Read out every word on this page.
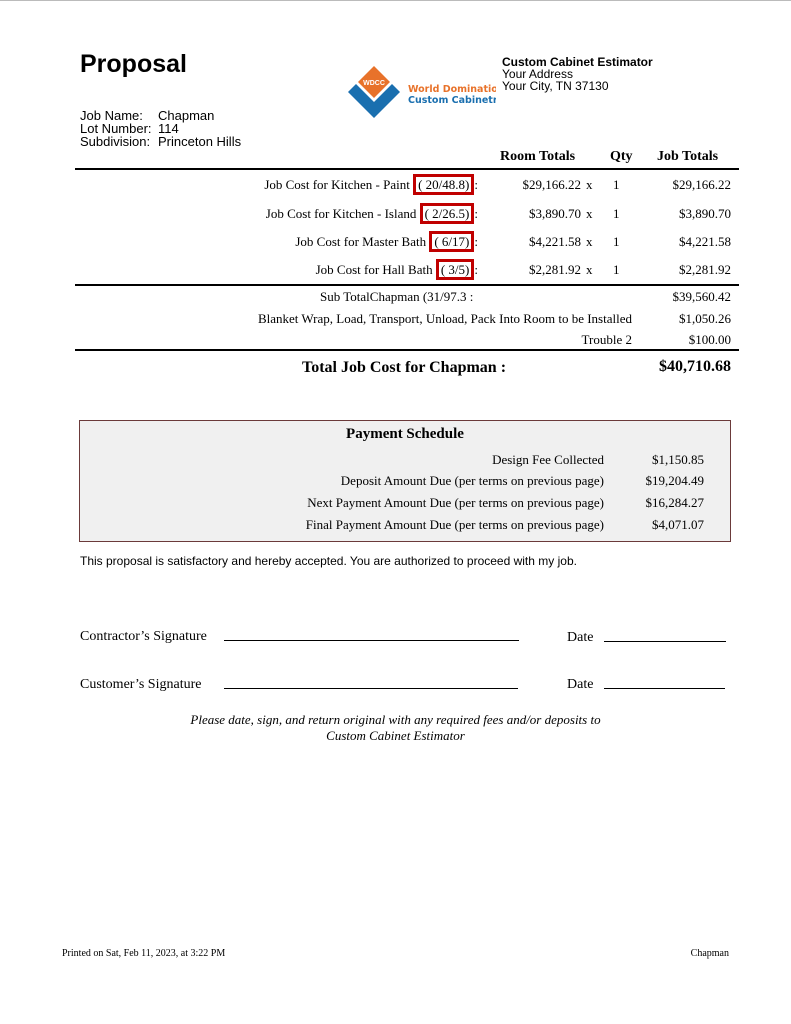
Proposal
WDCC
World Domination
Custom Cabinetry
Custom Cabinet Estimator
Your Address
Your City, TN 37130
Job Name: Chapman
Lot Number: 114
Subdivision: Princeton Hills
Room Totals Qty Job Totals
Job Cost for Kitchen - Paint ( 20/48.8) :	$29,166.22 x 1	$29,166.22
Job Cost for Kitchen - Island ( 2/26.5) :	$3,890.70 x 1	$3,890.70
Job Cost for Master Bath ( 6/17) :	$4,221.58 x 1	$4,221.58
Job Cost for Hall Bath ( 3/5) :	$2,281.92 x 1	$2,281.92
Sub TotalChapman (31/97.3 :	$39,560.42
Blanket Wrap, Load, Transport, Unload, Pack Into Room to be Installed	$1,050.26
Trouble 2	$100.00
Total Job Cost for Chapman :	$40,710.68
Payment Schedule
Design Fee Collected	$1,150.85
Deposit Amount Due (per terms on previous page)	$19,204.49
Next Payment Amount Due (per terms on previous page)	$16,284.27
Final Payment Amount Due (per terms on previous page)	$4,071.07
This proposal is satisfactory and hereby accepted. You are authorized to proceed with my job.
Contractor’s Signature	Date
Customer’s Signature	Date
Please date, sign, and return original with any required fees and/or deposits to
Custom Cabinet Estimator
Printed on Sat, Feb 11, 2023, at 3:22 PM	Chapman
